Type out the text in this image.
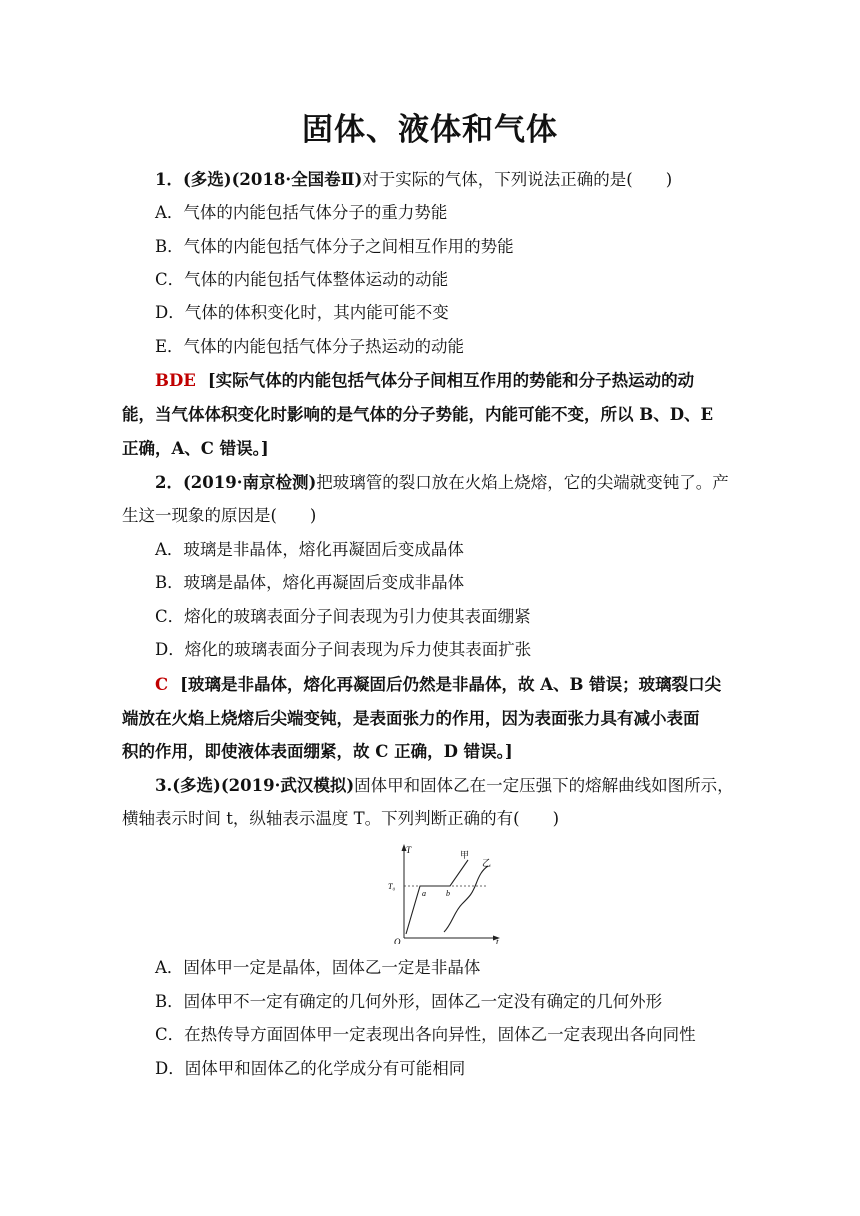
固体、液体和气体
1．(多选)(2018·全国卷Ⅱ)对于实际的气体，下列说法正确的是(　　)
A．气体的内能包括气体分子的重力势能
B．气体的内能包括气体分子之间相互作用的势能
C．气体的内能包括气体整体运动的动能
D．气体的体积变化时，其内能可能不变
E．气体的内能包括气体分子热运动的动能
BDE [实际气体的内能包括气体分子间相互作用的势能和分子热运动的动
能，当气体体积变化时影响的是气体的分子势能，内能可能不变，所以 B、D、E
正确，A、C 错误。]
2．(2019·南京检测)把玻璃管的裂口放在火焰上烧熔，它的尖端就变钝了。产
生这一现象的原因是(　　)
A．玻璃是非晶体，熔化再凝固后变成晶体
B．玻璃是晶体，熔化再凝固后变成非晶体
C．熔化的玻璃表面分子间表现为引力使其表面绷紧
D．熔化的玻璃表面分子间表现为斥力使其表面扩张
C [玻璃是非晶体，熔化再凝固后仍然是非晶体，故 A、B 错误；玻璃裂口尖
端放在火焰上烧熔后尖端变钝，是表面张力的作用，因为表面张力具有减小表面
积的作用，即使液体表面绷紧，故 C 正确，D 错误。]
3.(多选)(2019·武汉模拟)固体甲和固体乙在一定压强下的熔解曲线如图所示，
横轴表示时间 t，纵轴表示温度 T。下列判断正确的有(　　)
T
t
O
T₀
a	b
甲
乙
A．固体甲一定是晶体，固体乙一定是非晶体
B．固体甲不一定有确定的几何外形，固体乙一定没有确定的几何外形
C．在热传导方面固体甲一定表现出各向异性，固体乙一定表现出各向同性
D．固体甲和固体乙的化学成分有可能相同
